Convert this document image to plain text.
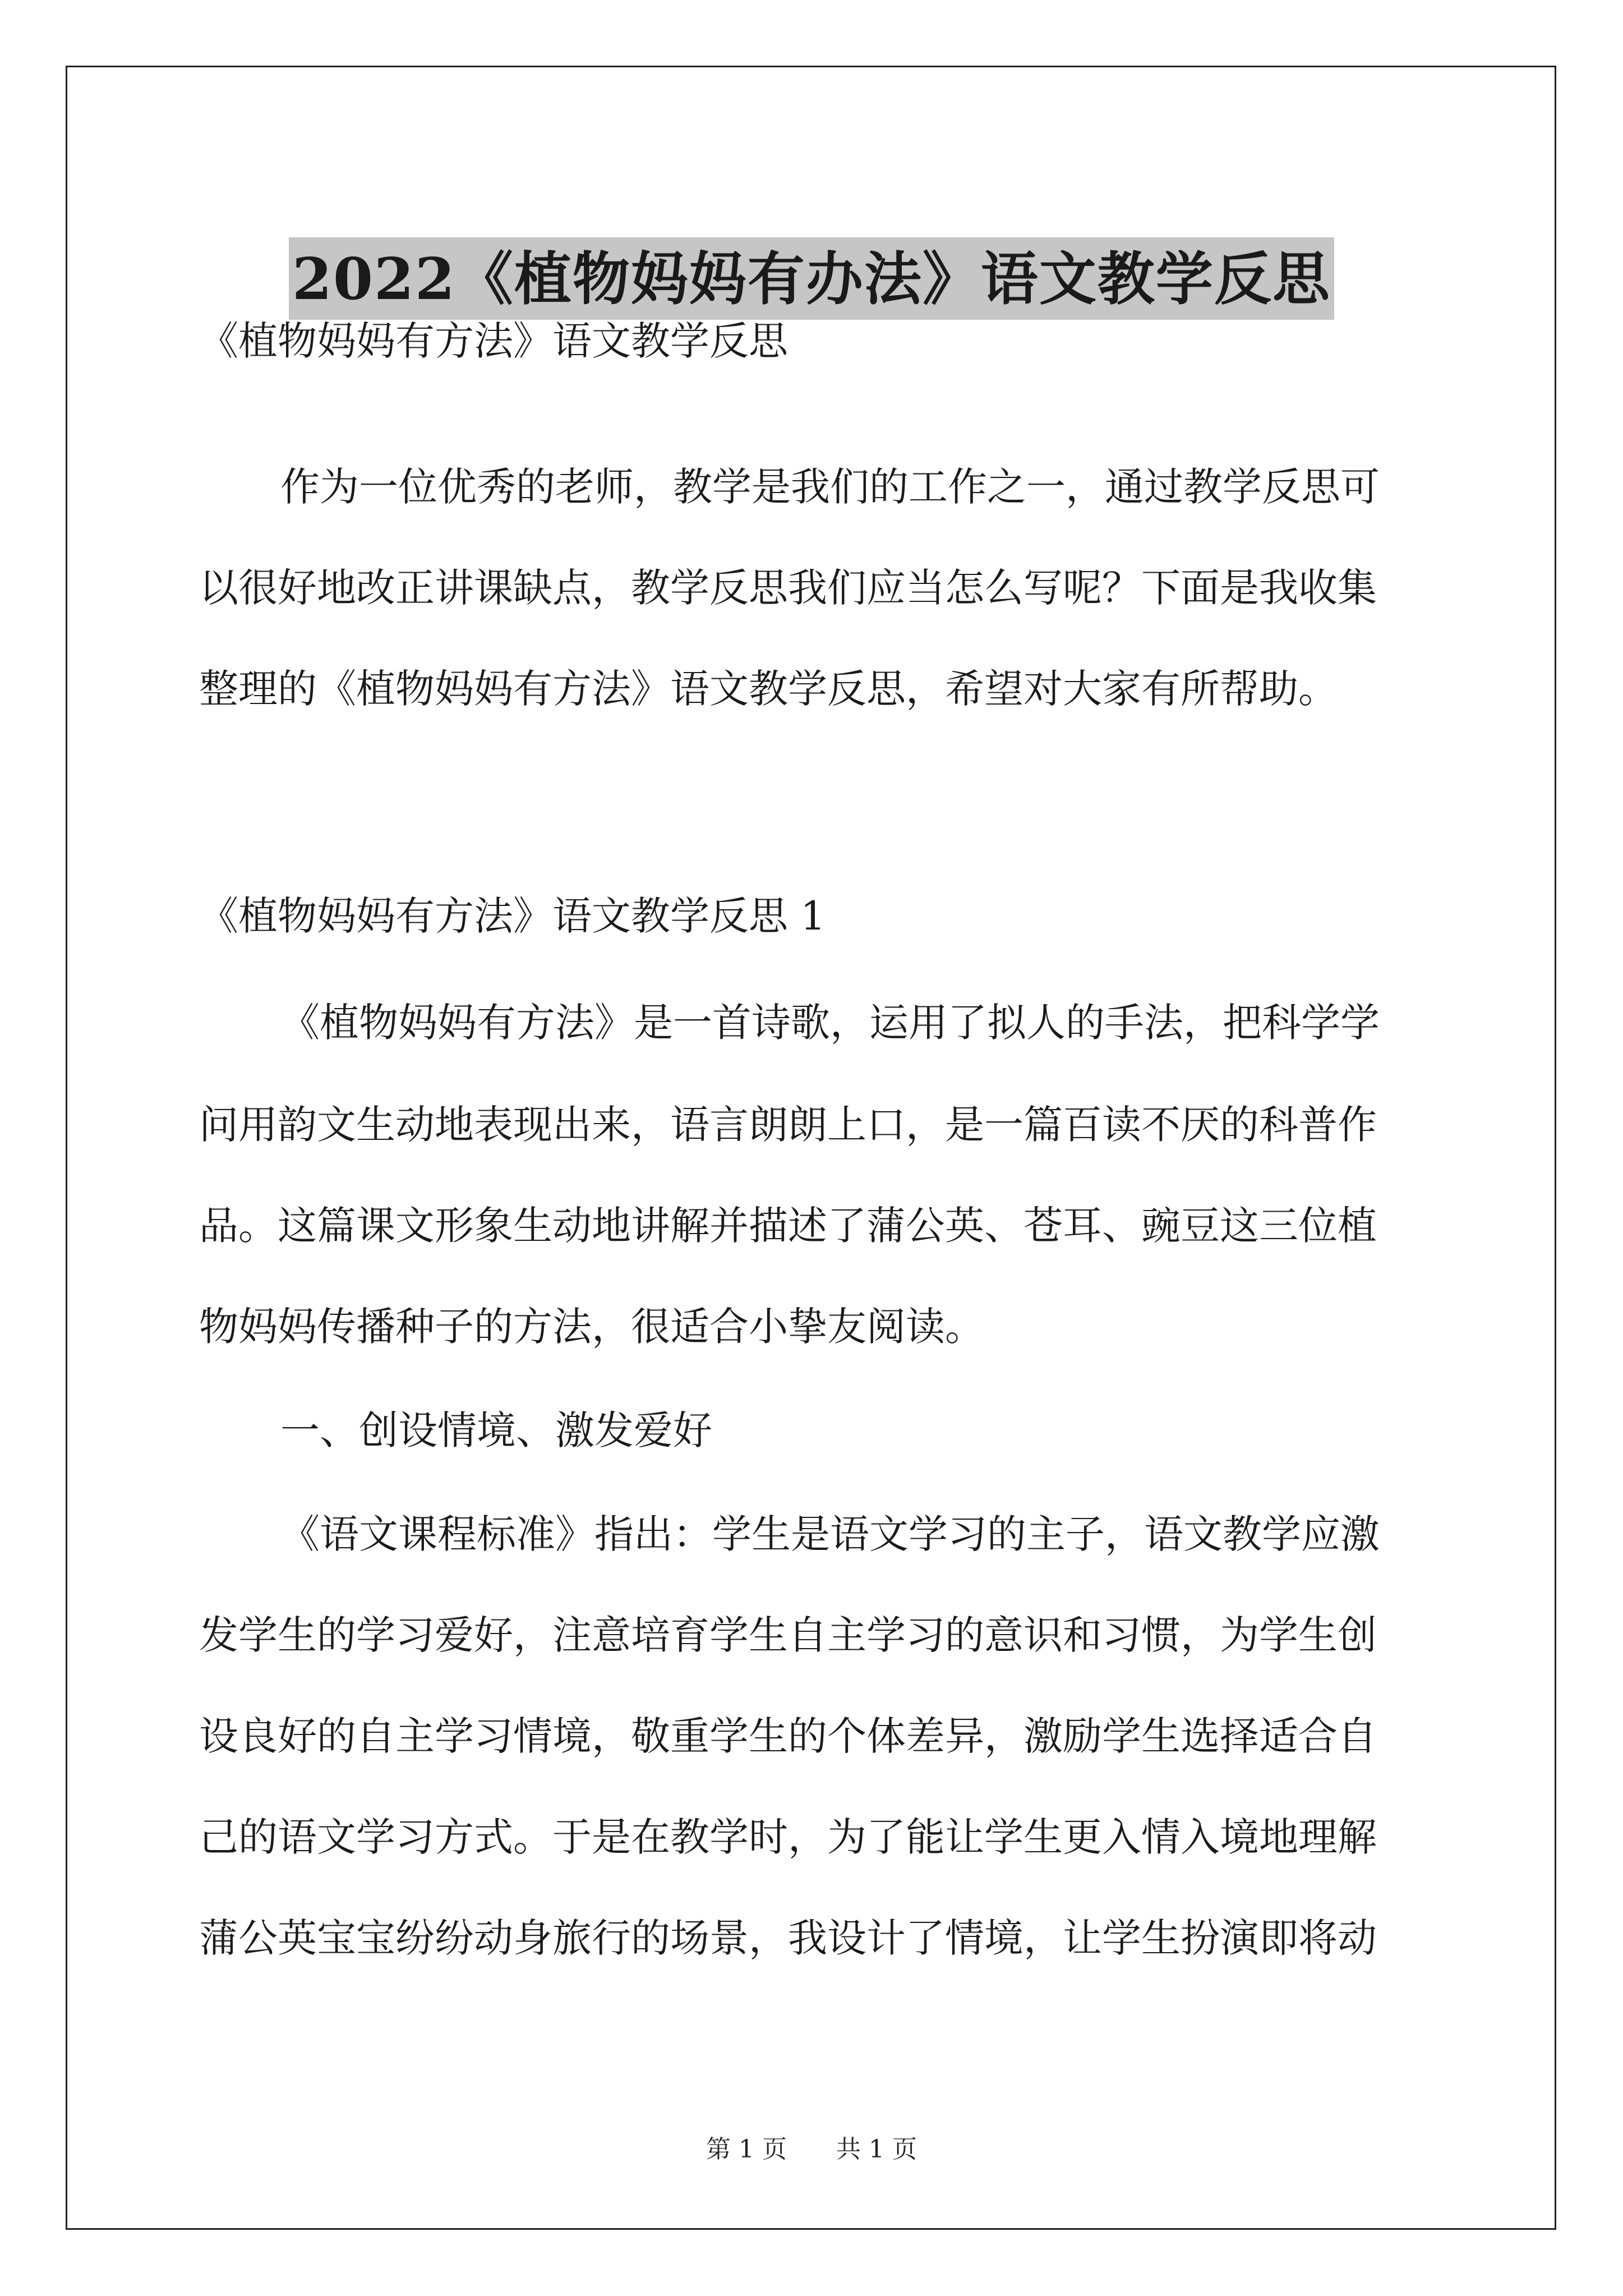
2022《植物妈妈有办法》语文教学反思

《植物妈妈有方法》语文教学反思

作为一位优秀的老师，教学是我们的工作之一，通过教学反思可

以很好地改正讲课缺点，教学反思我们应当怎么写呢？下面是我收集

整理的《植物妈妈有方法》语文教学反思，希望对大家有所帮助。

《植物妈妈有方法》语文教学反思 1

《植物妈妈有方法》是一首诗歌，运用了拟人的手法，把科学学

问用韵文生动地表现出来，语言朗朗上口，是一篇百读不厌的科普作

品。这篇课文形象生动地讲解并描述了蒲公英、苍耳、豌豆这三位植

物妈妈传播种子的方法，很适合小挚友阅读。

一、创设情境、激发爱好

《语文课程标准》指出：学生是语文学习的主子，语文教学应激

发学生的学习爱好，注意培育学生自主学习的意识和习惯，为学生创

设良好的自主学习情境，敬重学生的个体差异，激励学生选择适合自

己的语文学习方式。于是在教学时，为了能让学生更入情入境地理解

蒲公英宝宝纷纷动身旅行的场景，我设计了情境，让学生扮演即将动

第 1 页 共 1 页
